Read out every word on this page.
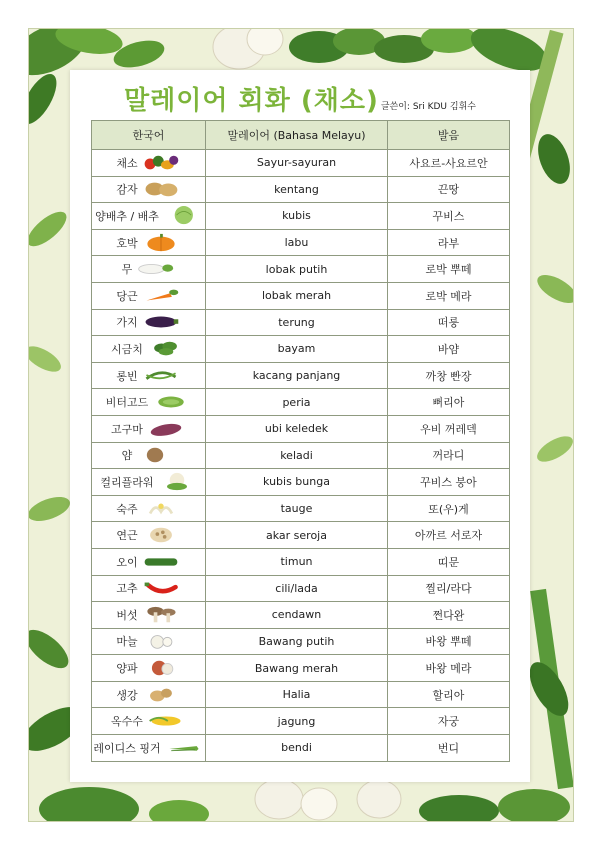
말레이어 회화 (채소) 글쓴이: Sri KDU 김휘수
한국어	말레이어 (Bahasa Melayu)	발음

채소	Sayur-sayuran	사요르-사요르안

감자	kentang	끈땅

양배추 / 배추	kubis	꾸비스

호박	labu	라부

무	lobak putih	로박 뿌떼

당근	lobak merah	로박 메라

가지	terung	떠룽

시금치	bayam	바얌

롱빈	kacang panjang	까창 빤장

비터고드	peria	뻐리아

고구마	ubi keledek	우비 꺼레덱

얌	keladi	꺼라디

컬리플라워	kubis bunga	꾸비스 붕아

숙주	tauge	또(우)게

연근	akar seroja	아까르 서로자

오이	timun	띠문

고추	cili/lada	찔리/라다

버섯	cendawn	쩐다완

마늘	Bawang putih	바왕 뿌떼

양파	Bawang merah	바왕 메라

생강	Halia	할리아

옥수수	jagung	자궁

레이디스 핑거	bendi	번디
